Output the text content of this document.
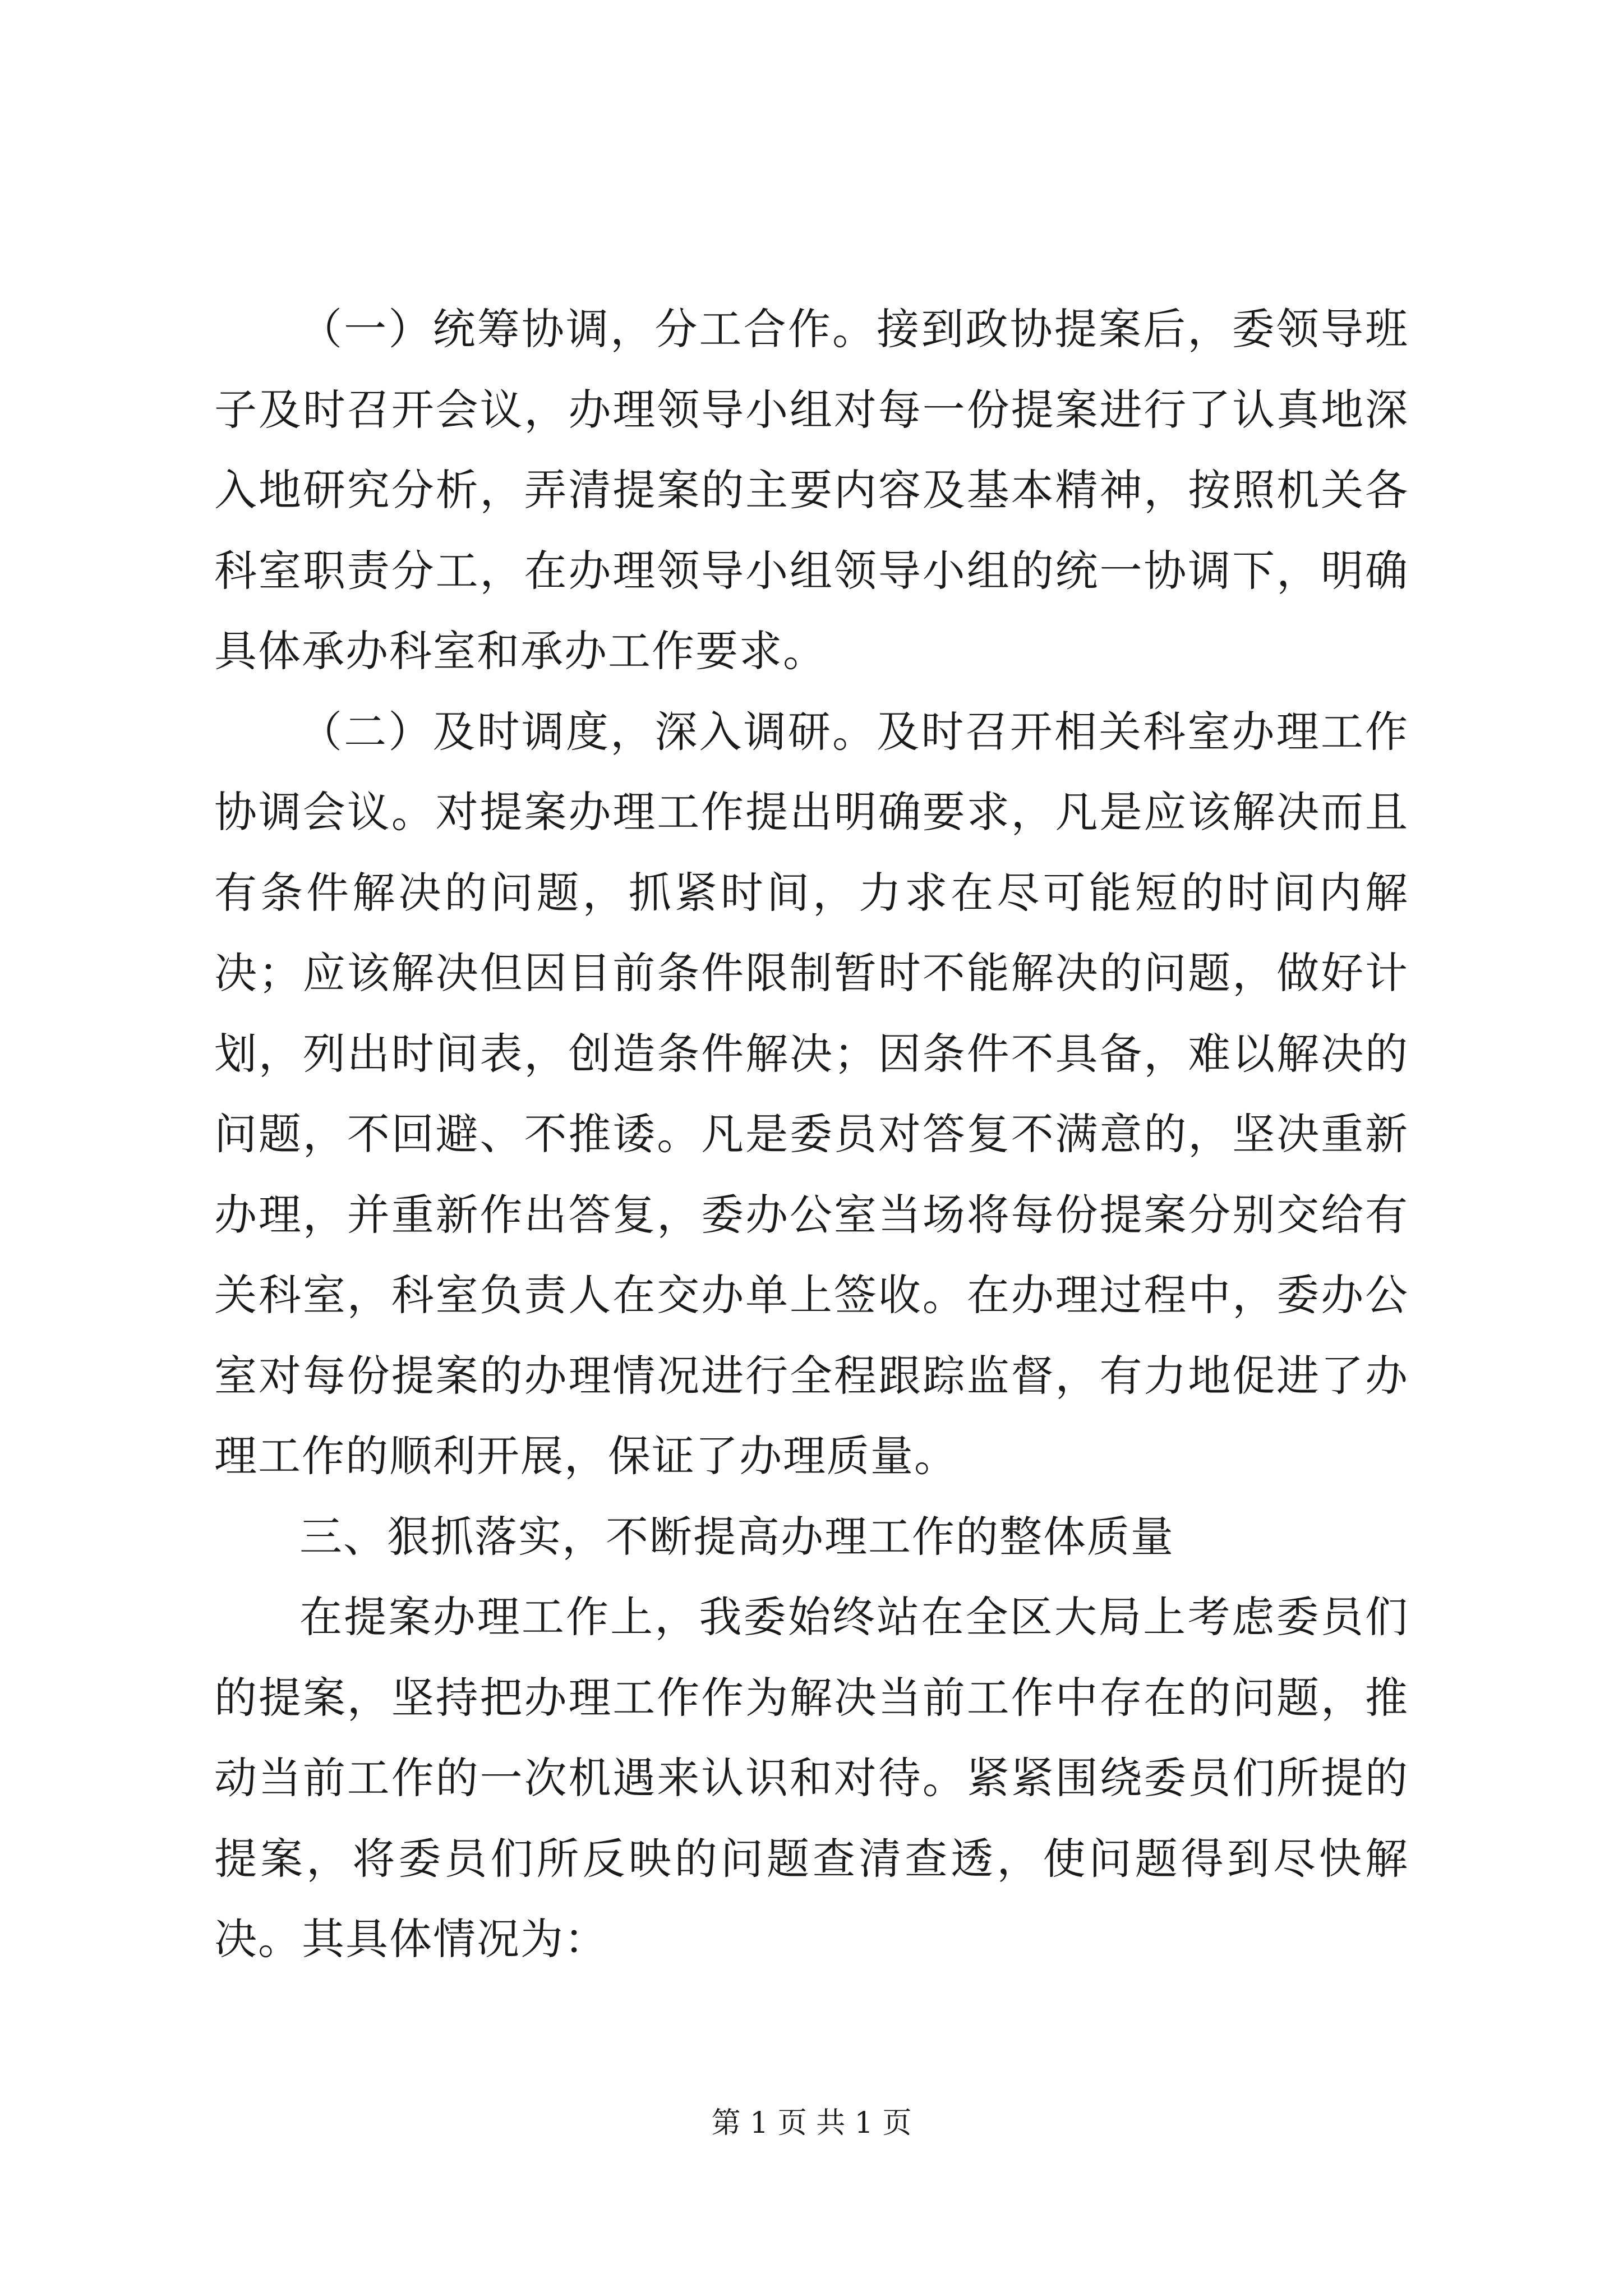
（一）统筹协调，分工合作。接到政协提案后，委领导班子及时召开会议，办理领导小组对每一份提案进行了认真地深入地研究分析，弄清提案的主要内容及基本精神，按照机关各科室职责分工，在办理领导小组领导小组的统一协调下，明确具体承办科室和承办工作要求。

（二）及时调度，深入调研。及时召开相关科室办理工作协调会议。对提案办理工作提出明确要求，凡是应该解决而且有条件解决的问题，抓紧时间，力求在尽可能短的时间内解决；应该解决但因目前条件限制暂时不能解决的问题，做好计划，列出时间表，创造条件解决；因条件不具备，难以解决的问题，不回避、不推诿。凡是委员对答复不满意的，坚决重新办理，并重新作出答复，委办公室当场将每份提案分别交给有关科室，科室负责人在交办单上签收。在办理过程中，委办公室对每份提案的办理情况进行全程跟踪监督，有力地促进了办理工作的顺利开展，保证了办理质量。

三、狠抓落实，不断提高办理工作的整体质量

在提案办理工作上，我委始终站在全区大局上考虑委员们的提案，坚持把办理工作作为解决当前工作中存在的问题，推动当前工作的一次机遇来认识和对待。紧紧围绕委员们所提的提案，将委员们所反映的问题查清查透，使问题得到尽快解决。其具体情况为：

第 1 页 共 1 页
